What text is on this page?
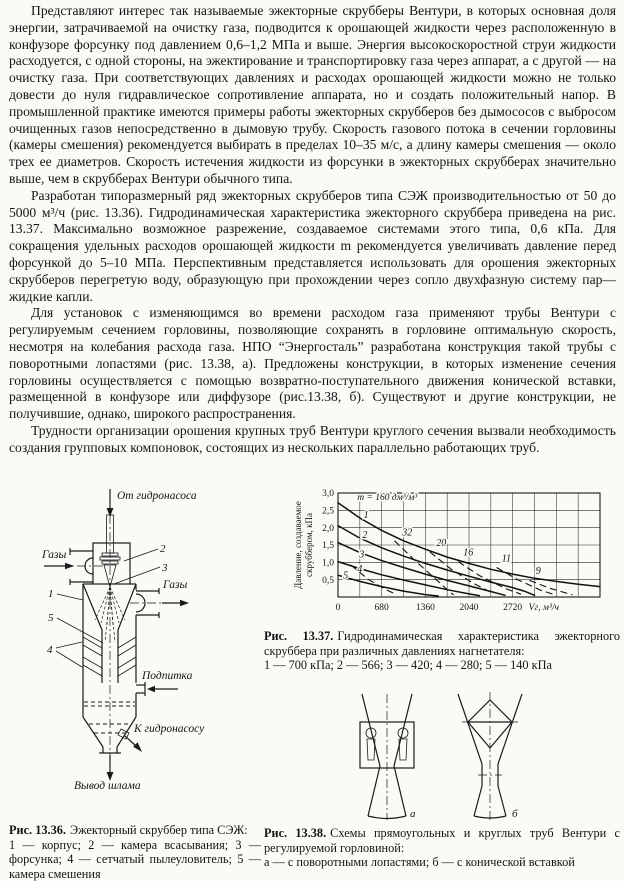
Представляют интерес так называемые эжекторные скрубберы Вентури, в которых основная доля энергии, затрачиваемой на очистку газа, подводится к орошающей жидкости через расположенную в конфузоре форсунку под давлением 0,6–1,2 МПа и выше. Энергия высокоскоростной струи жидкости расходуется, с одной стороны, на эжектирование и транспортировку газа через аппарат, а с другой — на очистку газа. При соответствующих давлениях и расходах орошающей жидкости можно не только довести до нуля гидравлическое сопротивление аппарата, но и создать положительный напор. В промышленной практике имеются примеры работы эжекторных скрубберов без дымососов с выбросом очищенных газов непосредственно в дымовую трубу. Скорость газового потока в сечении горловины (камеры смешения) рекомендуется выбирать в пределах 10–35 м/с, а длину камеры смешения — около трех ее диаметров. Скорость истечения жидкости из форсунки в эжекторных скрубберах значительно выше, чем в скрубберах Вентури обычного типа.

Разработан типоразмерный ряд эжекторных скрубберов типа СЭЖ производительностью от 50 до 5000 м³/ч (рис. 13.36). Гидродинамическая характеристика эжекторного скруббера приведена на рис. 13.37. Максимально возможное разрежение, создаваемое системами этого типа, 0,6 кПа. Для сокращения удельных расходов орошающей жидкости m рекомендуется увеличивать давление перед форсункой до 5–10 МПа. Перспективным представляется использовать для орошения эжекторных скрубберов перегретую воду, образующую при прохождении через сопло двухфазную систему пар—жидкие капли.

Для установок с изменяющимся во времени расходом газа применяют трубы Вентури с регулируемым сечением горловины, позволяющие сохранять в горловине оптимальную скорость, несмотря на колебания расхода газа. НПО “Энергосталь” разработана конструкция такой трубы с поворотными лопастями (рис. 13.38, а). Предложены конструкции, в которых изменение сечения горловины осуществляется с помощью возвратно-поступательного движения конической вставки, размещенной в конфузоре или диффузоре (рис.13.38, б). Существуют и другие конструкции, не получившие, однако, широкого распространения.

Трудности организации орошения крупных труб Вентури круглого сечения вызвали необходимость создания групповых компоновок, состоящих из нескольких параллельно работающих труб.

От гидронасоса
Газы	2
3
Газы
1
5
4
Подпитка
К гидронасосу
Вывод шлама

Рис. 13.36. Эжекторный скруббер типа СЭЖ:
1 — корпус; 2 — камера всасывания; 3 — форсунка; 4 — сетчатый пылеуловитель; 5 — камера смешения

Давление, создаваемое скруббером, кПа
0	680	1360	2040	2720
0,5
1,0
1,5
2,0
2,5
3,0
Vг, м³/ч
1
2
3
4
5
32
20
16
11
9
m = 160 дм³/м³

Рис. 13.37. Гидродинамическая характеристика эжекторного скруббера при различных давлениях нагнетателя:
1 — 700 кПа; 2 — 566; 3 — 420; 4 — 280; 5 — 140 кПа

а	б

Рис. 13.38. Схемы прямоугольных и круглых труб Вентури с регулируемой горловиной:
а — с поворотными лопастями; б — с конической вставкой
